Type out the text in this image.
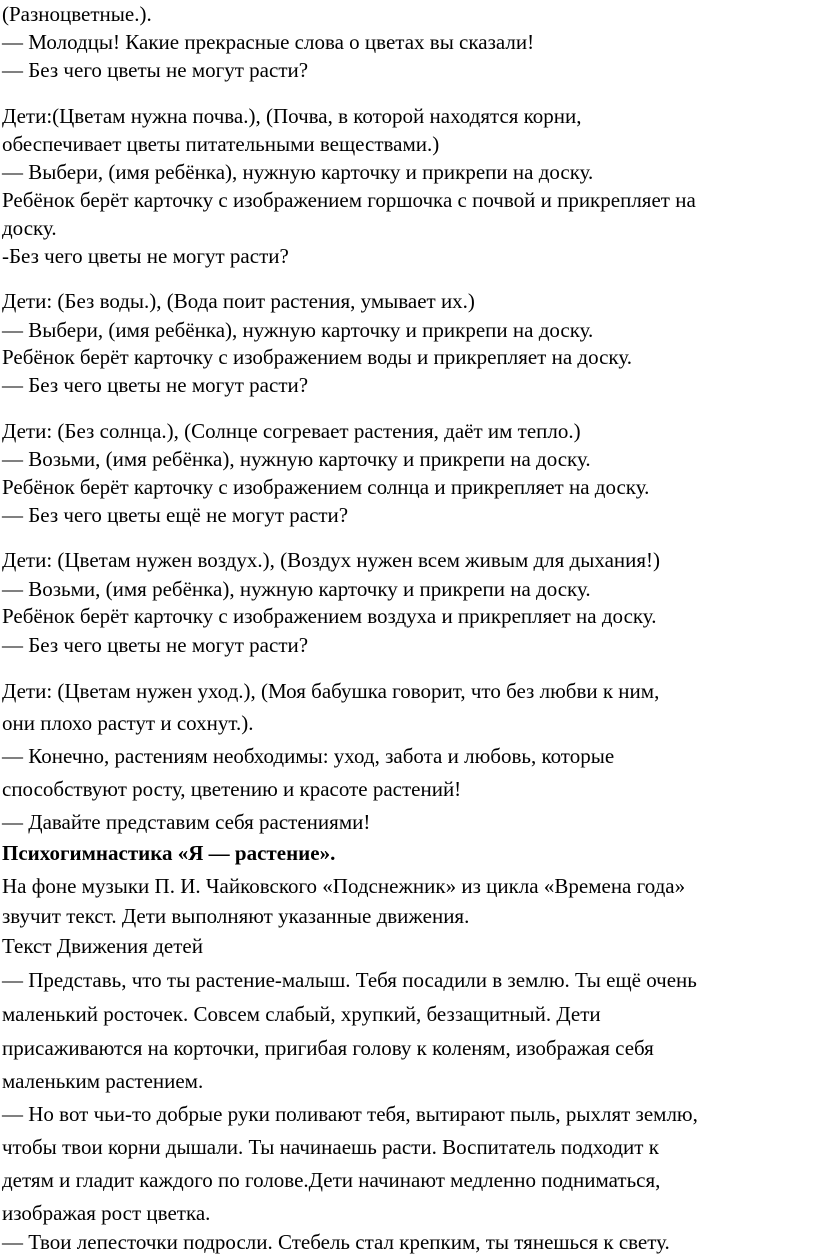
(Разноцветные.).
— Молодцы! Какие прекрасные слова о цветах вы сказали!
— Без чего цветы не могут расти?
Дети:(Цветам нужна почва.), (Почва, в которой находятся корни,
обеспечивает цветы питательными веществами.)
— Выбери, (имя ребёнка), нужную карточку и прикрепи на доску.
Ребёнок берёт карточку с изображением горшочка с почвой и прикрепляет на
доску.
-Без чего цветы не могут расти?
Дети: (Без воды.), (Вода поит растения, умывает их.)
— Выбери, (имя ребёнка), нужную карточку и прикрепи на доску.
Ребёнок берёт карточку с изображением воды и прикрепляет на доску.
— Без чего цветы не могут расти?
Дети: (Без солнца.), (Солнце согревает растения, даёт им тепло.)
— Возьми, (имя ребёнка), нужную карточку и прикрепи на доску.
Ребёнок берёт карточку с изображением солнца и прикрепляет на доску.
— Без чего цветы ещё не могут расти?
Дети: (Цветам нужен воздух.), (Воздух нужен всем живым для дыхания!)
— Возьми, (имя ребёнка), нужную карточку и прикрепи на доску.
Ребёнок берёт карточку с изображением воздуха и прикрепляет на доску.
— Без чего цветы не могут расти?
Дети: (Цветам нужен уход.), (Моя бабушка говорит, что без любви к ним,
они плохо растут и сохнут.).
— Конечно, растениям необходимы: уход, забота и любовь, которые
способствуют росту, цветению и красоте растений!
— Давайте представим себя растениями!
Психогимнастика «Я — растение».
На фоне музыки П. И. Чайковского «Подснежник» из цикла «Времена года»
звучит текст. Дети выполняют указанные движения.
Текст Движения детей
— Представь, что ты растение-малыш. Тебя посадили в землю. Ты ещё очень
маленький росточек. Совсем слабый, хрупкий, беззащитный. Дети
присаживаются на корточки, пригибая голову к коленям, изображая себя
маленьким растением.
— Но вот чьи-то добрые руки поливают тебя, вытирают пыль, рыхлят землю,
чтобы твои корни дышали. Ты начинаешь расти. Воспитатель подходит к
детям и гладит каждого по голове.Дети начинают медленно подниматься,
изображая рост цветка.
— Твои лепесточки подросли. Стебель стал крепким, ты тянешься к свету.
